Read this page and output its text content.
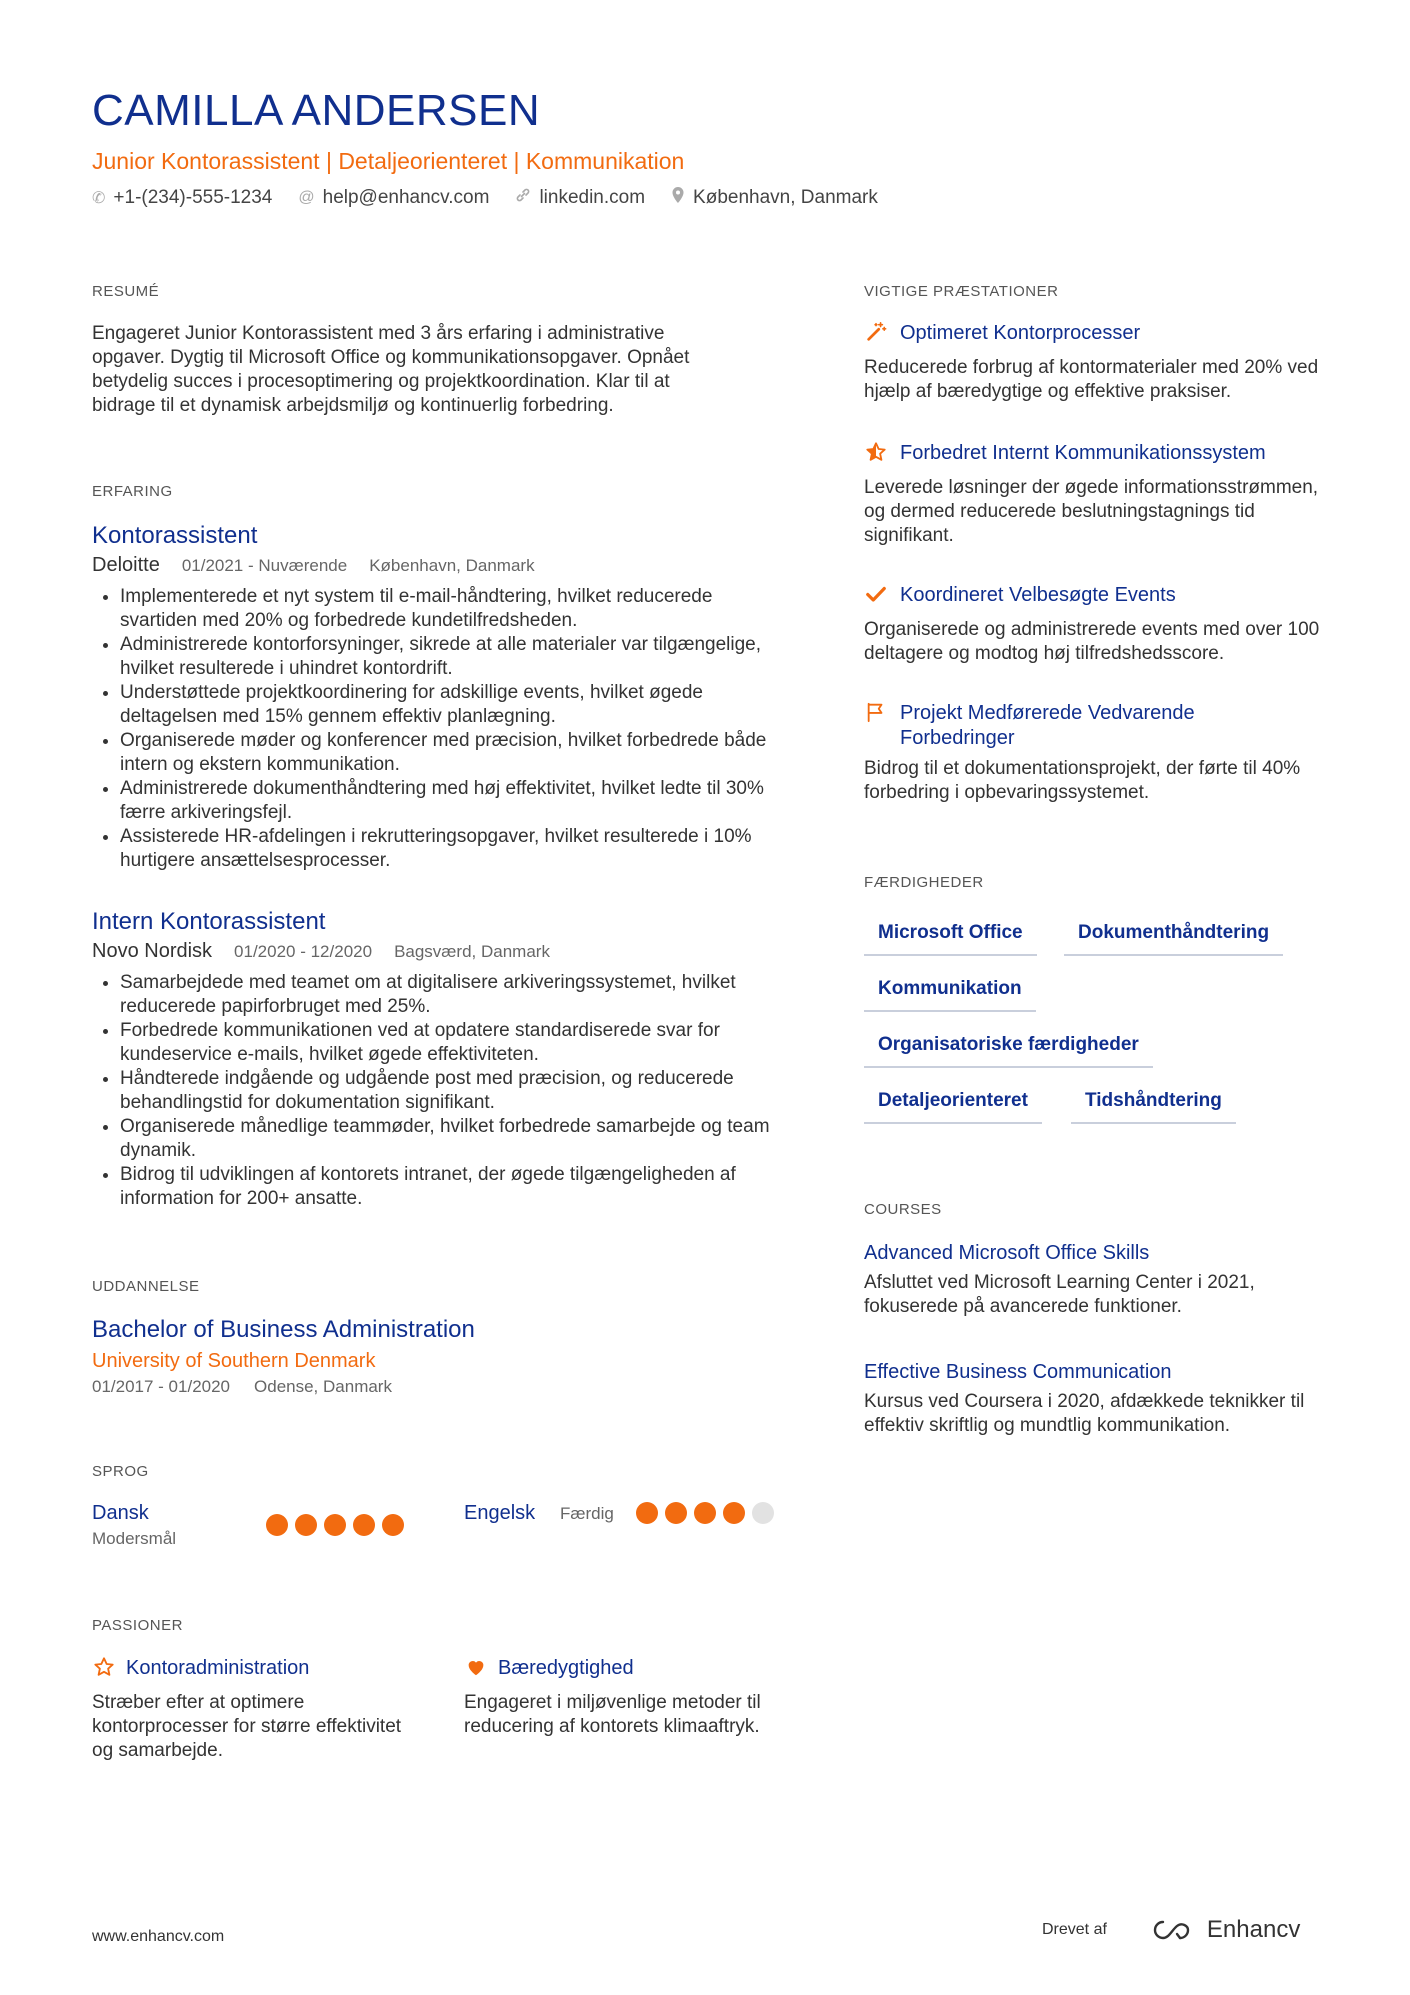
CAMILLA ANDERSEN
Junior Kontorassistent | Detaljeorienteret | Kommunikation
✆ +1-(234)-555-1234 @ help@enhancv.com	linkedin.com	København, Danmark
RESUMÉ
Engageret Junior Kontorassistent med 3 års erfaring i administrative opgaver. Dygtig til Microsoft Office og kommunikationsopgaver. Opnået betydelig succes i procesoptimering og projektkoordination. Klar til at bidrage til et dynamisk arbejdsmiljø og kontinuerlig forbedring.
ERFARING
Kontorassistent
Deloitte 01/2021 - Nuværende København, Danmark
• Implementerede et nyt system til e-mail-håndtering, hvilket reducerede svartiden med 20% og forbedrede kundetilfredsheden.
• Administrerede kontorforsyninger, sikrede at alle materialer var tilgængelige, hvilket resulterede i uhindret kontordrift.
• Understøttede projektkoordinering for adskillige events, hvilket øgede deltagelsen med 15% gennem effektiv planlægning.
• Organiserede møder og konferencer med præcision, hvilket forbedrede både intern og ekstern kommunikation.
• Administrerede dokumenthåndtering med høj effektivitet, hvilket ledte til 30% færre arkiveringsfejl.
• Assisterede HR-afdelingen i rekrutteringsopgaver, hvilket resulterede i 10% hurtigere ansættelsesprocesser.
Intern Kontorassistent
Novo Nordisk 01/2020 - 12/2020 Bagsværd, Danmark
• Samarbejdede med teamet om at digitalisere arkiveringssystemet, hvilket reducerede papirforbruget med 25%.
• Forbedrede kommunikationen ved at opdatere standardiserede svar for kundeservice e-mails, hvilket øgede effektiviteten.
• Håndterede indgående og udgående post med præcision, og reducerede behandlingstid for dokumentation signifikant.
• Organiserede månedlige teammøder, hvilket forbedrede samarbejde og team dynamik.
• Bidrog til udviklingen af kontorets intranet, der øgede tilgængeligheden af information for 200+ ansatte.
UDDANNELSE
Bachelor of Business Administration
University of Southern Denmark
01/2017 - 01/2020 Odense, Danmark
SPROG
Dansk
Modersmål
Engelsk Færdig
PASSIONER
Kontoradministration
Stræber efter at optimere kontorprocesser for større effektivitet og samarbejde.
Bæredygtighed
Engageret i miljøvenlige metoder til reducering af kontorets klimaaftryk.
VIGTIGE PRÆSTATIONER
Optimeret Kontorprocesser
Reducerede forbrug af kontormaterialer med 20% ved hjælp af bæredygtige og effektive praksiser.
Forbedret Internt Kommunikationssystem
Leverede løsninger der øgede informationsstrømmen, og dermed reducerede beslutningstagnings tid signifikant.
Koordineret Velbesøgte Events
Organiserede og administrerede events med over 100 deltagere og modtog høj tilfredshedsscore.
Projekt Medførerede Vedvarende Forbedringer
Bidrog til et dokumentationsprojekt, der førte til 40% forbedring i opbevaringssystemet.
FÆRDIGHEDER
Microsoft Office	Dokumenthåndtering
Kommunikation
Organisatoriske færdigheder
Detaljeorienteret	Tidshåndtering
COURSES
Advanced Microsoft Office Skills
Afsluttet ved Microsoft Learning Center i 2021, fokuserede på avancerede funktioner.
Effective Business Communication
Kursus ved Coursera i 2020, afdækkede teknikker til effektiv skriftlig og mundtlig kommunikation.
www.enhancv.com	Drevet af	Enhancv
